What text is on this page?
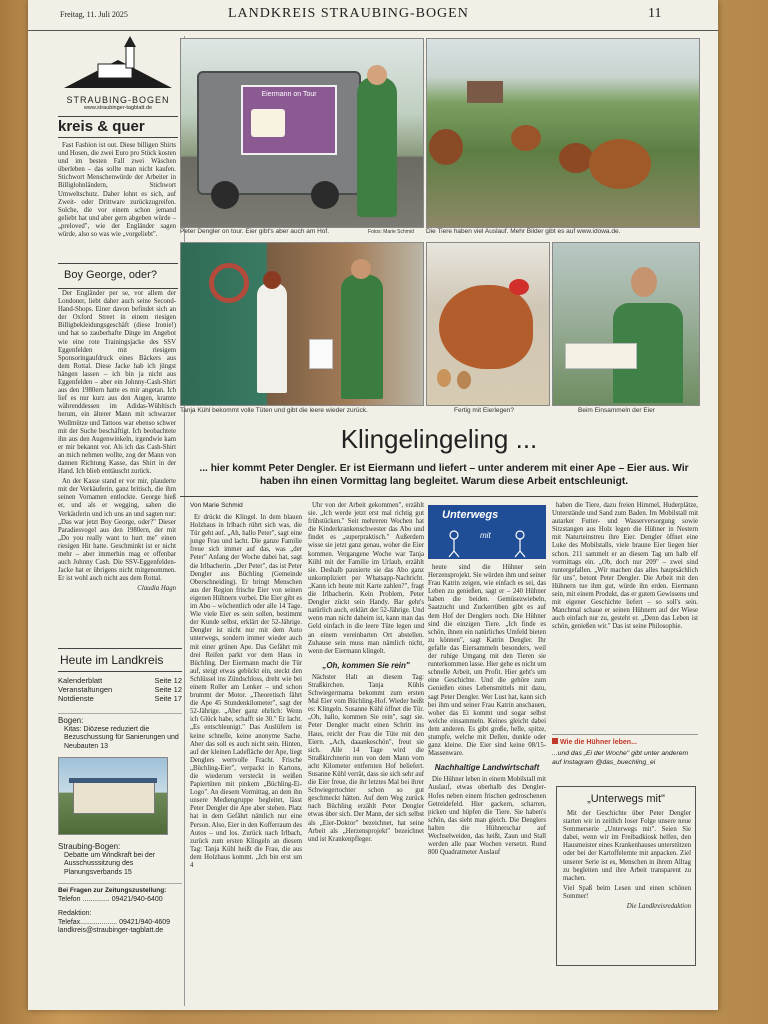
Freitag, 11. Juli 2025	LANDKREIS STRAUBING-BOGEN	11
STRAUBING-BOGEN
www.straubinger-tagblatt.de
kreis & quer

Fast Fashion ist out. Diese billigen Shirts und Hosen, die zwei Euro pro Stück kosten und im besten Fall zwei Wäschen überleben – das sollte man nicht kaufen. Stichwort Menschenwürde der Arbeiter in Billiglohnländern, Stichwort Umweltschutz. Daher lohnt es sich, auf Zweit- oder Drittware zurückzugreifen. Solche, die vor einem schon jemand geliebt hat und aber gern abgeben würde – „preloved", wie der Engländer sagen würde, also so was wie „vorgeliebt".

Boy George, oder?

Der Engländer per se, vor allem der Londoner, liebt daher auch seine Second-Hand-Shops. Einer davon befindet sich an der Oxford Street in einem riesigen Billigbekleidungsgeschäft (diese Ironie!) und hat so zauberhafte Dinge im Angebot wie eine rote Trainingsjacke des SSV Eggenfelden mit riesigem Sponsoringaufdruck eines Bäckers aus dem Rottal. Diese Jacke hab ich jüngst hängen lassen – ich bin ja nicht aus Eggenfelden – aber ein Johnny-Cash-Shirt aus den 1980ern hatte es mir angetan. Ich lief es nur kurz aus den Augen, kramte währenddessen im Adidas-Wühltisch herum, ein älterer Mann mit schwarzer Wollmütze und Tattoos war ebenso schwer mit der Suche beschäftigt. Ich beobachtete ihn aus den Augenwinkeln, irgendwie kam er mir bekannt vor. Als ich das Cash-Shirt an mich nehmen wollte, zog der Mann von dannen Richtung Kasse, das Shirt in der Hand. Ich blieb enttäuscht zurück.

An der Kasse stand er vor mir, plauderte mit der Verkäuferin, ganz britisch, die ihm seinen Vornamen entlockte. George hieß er, und als er wegging, sahen die Verkäuferin und ich uns an und sagten nur: „Das war jetzt Boy George, oder?" Dieser Paradiesvogel aus den 1980ern, der mit „Do you really want to hurt me" einen riesigen Hit hatte. Geschminkt ist er nicht mehr – aber immerhin mag er offenbar auch Johnny Cash. Die SSV-Eggenfelden-Jacke hat er übrigens nicht mitgenommen. Er ist wohl auch nicht aus dem Rottal.

Claudia Hagn
Heute im Landkreis
Kalenderblatt	Seite 12
Veranstaltungen	Seite 12
Notdienste	Seite 17
Bogen:
Kitas: Diözese reduziert die Bezuschussung für Sanierungen und Neubauten 13
Straubing-Bogen:
Debatte um Windkraft bei der Ausschusssitzung des Planungsverbands 15
Bei Fragen zur Zeitungszustellung:
Telefon .............. 09421/940-6400
Redaktion:
Telefax................... 09421/940-4609
landkreis@straubinger-tagblatt.de
Eiermann on Tour
Peter Dengler on tour. Eier gibt's aber auch am Hof.	Fotos: Marie Schmid Die Tiere haben viel Auslauf. Mehr Bilder gibt es auf www.idowa.de.
Tanja Kühl bekommt volle Tüten und gibt die leere wieder zurück.	Fertig mit Eierlegen?	Beim Einsammeln der Eier
Klingelingeling ...
... hier kommt Peter Dengler. Er ist Eiermann und liefert – unter anderem mit einer Ape – Eier aus. Wir haben ihn einen Vormittag lang begleitet. Warum diese Arbeit entschleunigt.
Von Marie Schmid

Er drückt die Klingel. In dem blauen Holzhaus in Irlbach rührt sich was, die Tür geht auf. „Ah, hallo Peter", sagt eine junge Frau und lacht. Die ganze Familie freue sich immer auf das, was „der Peter" Anfang der Woche dabei hat, sagt die Irlbacherin. „Der Peter", das ist Peter Dengler aus Büchling (Gemeinde Oberschneiding). Er bringt Menschen aus der Region frische Eier von seinen eigenen Hühnern vorbei. Die Eier gibt es im Abo – wöchentlich oder alle 14 Tage. Wie viele Eier es sein sollen, bestimmt der Kunde selbst, erklärt der 52-Jährige. Dengler ist nicht nur mit dem Auto unterwegs, sondern immer wieder auch mit einer grünen Ape. Das Gefährt mit drei Reifen parkt vor dem Haus in Büchling. Der Eiermann macht die Tür auf, steigt etwas gebückt ein, steckt den Schlüssel ins Zündschloss, dreht wie bei einem Roller am Lenker – und schon brummt der Motor. „Theoretisch fährt die Ape 45 Stundenkilometer", sagt der 52-Jährige. „Aber ganz ehrlich: Wenn ich Glück habe, schafft sie 30." Er lacht. „Es entschleunigt." Das Auslüfern ist keine schnelle, keine anonyme Sache. Aber das soll es auch nicht sein. Hinten, auf der kleinen Ladefläche der Ape, liegt Denglers wertvolle Fracht. Frische „Büchling-Eier", verpackt in Kartons, die wiederum versteckt in weißen Papiertüten mit pinkem „Büchling-Ei-Logo". An diesem Vormittag, an dem ihn unsere Mediengruppe begleitet, lässt Peter Dengler die Ape aber stehen. Platz hat in dem Gefährt nämlich nur eine Person. Also, Eier in den Kofferraum des Autos – und los. Zurück nach Irlbach, zurück zum ersten Klingeln an diesem Tag: Tanja Kühl heißt die Frau, die aus dem Holzhaus kommt. „Ich bin erst um 4

Uhr von der Arbeit gekommen", erzählt sie. „Ich werde jetzt erst mal richtig gut frühstücken." Seit mehreren Wochen hat die Kinderkrankenschwester das Abo und findet es „superpraktisch." Außerdem wisse sie jetzt ganz genau, woher die Eier kommen. Vergangene Woche war Tanja Kühl mit der Familie im Urlaub, erzählt sie. Deshalb pausierte sie das Abo ganz unkompliziert per Whatsapp-Nachricht. „Kann ich heute mit Karte zahlen?", fragt die Irlbacherin. Kein Problem, Peter Dengler zückt sein Handy. Bar geht's natürlich auch, erklärt der 52-Jährige. Und wenn man nicht daheim ist, kann man das Geld einfach in die leere Tüte legen und an einem vereinbarten Ort abstellen. Zuhause sein muss man nämlich nicht, wenn der Eiermann klingelt.

„Oh, kommen Sie rein"

Nächster Halt an diesem Tag: Straßkirchen. Tanja Kühls Schwiegermama bekommt zum ersten Mal Eier vom Büchling-Hof. Wieder heißt es: Klingeln. Susanne Kühl öffnet die Tür. „Oh, hallo, kommen Sie rein", sagt sie. Peter Dengler macht einen Schritt ins Haus, reicht der Frau die Tüte mit den Eiern. „Ach, daaankeschön", freut sie sich. Alle 14 Tage wird die Straßkirchnerin nun von dem Mann vom acht Kilometer entfernten Hof beliefert. Susanne Kühl verrät, dass sie sich sehr auf die Eier freue, die ihr letztes Mal bei ihrer Schwiegertochter schon so gut geschmeckt hätten. Auf dem Weg zurück nach Büchling erzählt Peter Dengler etwas über sich. Der Mann, der sich selbst als „Eier-Doktor" bezeichnet, hat seine Arbeit als „Herzensprojekt" bezeichnet und ist Krankenpfleger.

Unterwegs
mit

heute sind die Hühner sein Herzensprojekt. Sie würden ihm und seiner Frau Katrin zeigen, wie einfach es sei, das Leben zu genießen, sagt er – 240 Hühner haben die beiden. Gemüsezwiebeln, Saatzucht und Zuckerrüben gibt es auf dem Hof der Denglers noch. Die Hühner sind die einzigen Tiere. „Ich finde es schön, ihnen ein natürliches Umfeld bieten zu können", sagt Katrin Dengler. Ihr gefalle das Eiersammeln besonders, weil der ruhige Umgang mit den Tieren sie runterkommen lasse. Hier gehe es nicht um schnelle Arbeit, um Profit. Hier geht's um eine Geschichte. Und die gehöre zum Genießen eines Lebensmittels mit dazu, sagt Peter Dengler. Wer Lust hat, kann sich bei ihm und seiner Frau Katrin anschauen, woher das Ei kommt und sogar selbst welche einsammeln. Keines gleicht dabei dem anderen. Es gibt große, helle, spitze, stumpfe, welche mit Dellen, dunkle oder ganz kleine. Die Eier sind keine 08/15-Massenware.

Nachhaltige Landwirtschaft

Die Hühner leben in einem Mobilstall mit Auslauf, etwas oberhalb des Dengler-Hofes neben einem frischen gedroschenen Getreidefeld. Hier gackern, scharren, picken und hüpfen die Tiere. Sie haben's schön, das sieht man gleich. Die Denglers halten die Hühnerschar auf Wechselweiden, das heißt, Zaun und Stall werden alle paar Wochen versetzt. Rund 800 Quadratmeter Auslauf

haben die Tiere, dazu freien Himmel, Huderplätze, Unterstände und Sand zum Baden. Im Mobilstall mit autarker Futter- und Wasserversorgung sowie Sitzstangen aus Holz legen die Hühner in Nestern mit Naturteinstreu ihre Eier. Dengler öffnet eine Luke des Mobilstalls, viele braune Eier liegen hier schon. 211 sammelt er an diesem Tag um halb elf vormittags ein. „Ob, doch nur 209" – zwei sind runtergefallen. „Wir machen das alles hauptsächlich für uns", betont Peter Dengler. Die Arbeit mit den Hühnern tue ihm gut, würde ihn erden. Eiermann sein, mit einem Produkt, das er gutem Gewissens und mit eigener Geschichte liefert – so soll's sein. Manchmal schaue er seinen Hühnern auf der Wiese auch einfach nur zu, gesteht er. „Denn das Leben ist schön, genießen wir." Das ist seine Philosophie.

Wie die Hühner leben...
...und das „Ei der Woche" gibt unter anderem auf Instagram @das_buechling_ei
„Unterwegs mit"

Mit der Geschichte über Peter Dengler starten wir in zeitlich loser Folge unsere neue Sommerserie „Unterwegs mit". Seien Sie dabei, wenn wir im Freibadkiosk helfen, den Hausmeister eines Krankenhauses unterstützen oder bei der Kartoffelernte mit anpacken. Ziel unserer Serie ist es, Menschen in ihrem Alltag zu begleiten und ihre Arbeit transparent zu machen.

Viel Spaß beim Lesen und einen schönen Sommer!

Die Landkreisredaktion
